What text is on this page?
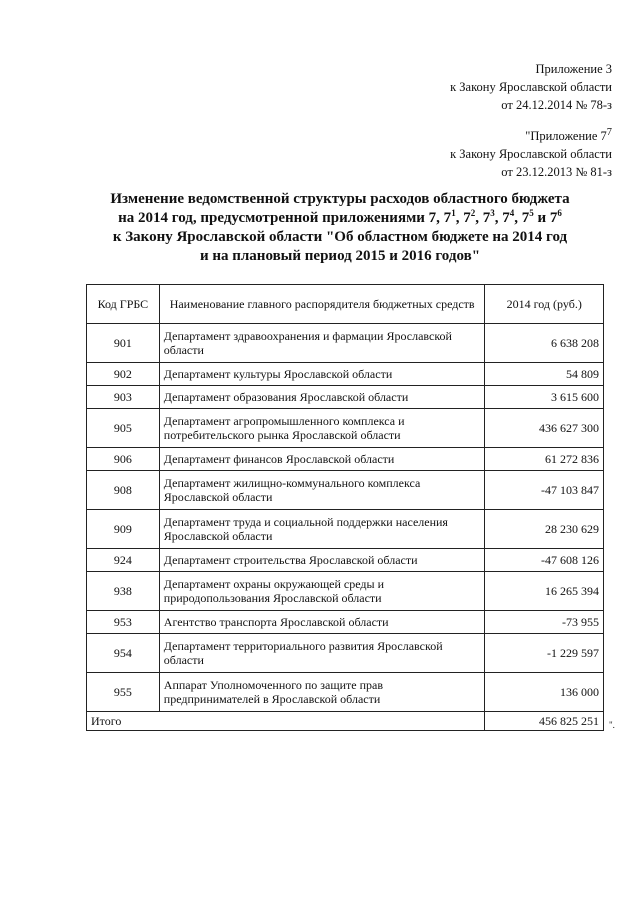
Приложение 3
к Закону Ярославской области
от 24.12.2014 № 78-з
"Приложение $7^7$
к Закону Ярославской области
от 23.12.2013 № 81-з
Изменение ведомственной структуры расходов областного бюджета
на 2014 год, предусмотренной приложениями 7, $7^1$, $7^2$, $7^3$, $7^4$, $7^5$ и $7^6$
к Закону Ярославской области "Об областном бюджете на 2014 год
и на плановый период 2015 и 2016 годов"
Код ГРБС	Наименование главного распорядителя бюджетных средств	2014 год (руб.)
901	Департамент здравоохранения и фармации Ярославской области	6 638 208
902	Департамент культуры Ярославской области	54 809
903	Департамент образования Ярославской области	3 615 600
905	Департамент агропромышленного комплекса и потребительского рынка Ярославской области	436 627 300
906	Департамент финансов Ярославской области	61 272 836
908	Департамент жилищно-коммунального комплекса Ярославской области	-47 103 847
909	Департамент труда и социальной поддержки населения Ярославской области	28 230 629
924	Департамент строительства Ярославской области	-47 608 126
938	Департамент охраны окружающей среды и природопользования Ярославской области	16 265 394
953	Агентство транспорта Ярославской области	-73 955
954	Департамент территориального развития Ярославской области	-1 229 597
955	Аппарат Уполномоченного по защите прав предпринимателей в Ярославской области	136 000
Итого		456 825 251 ".
